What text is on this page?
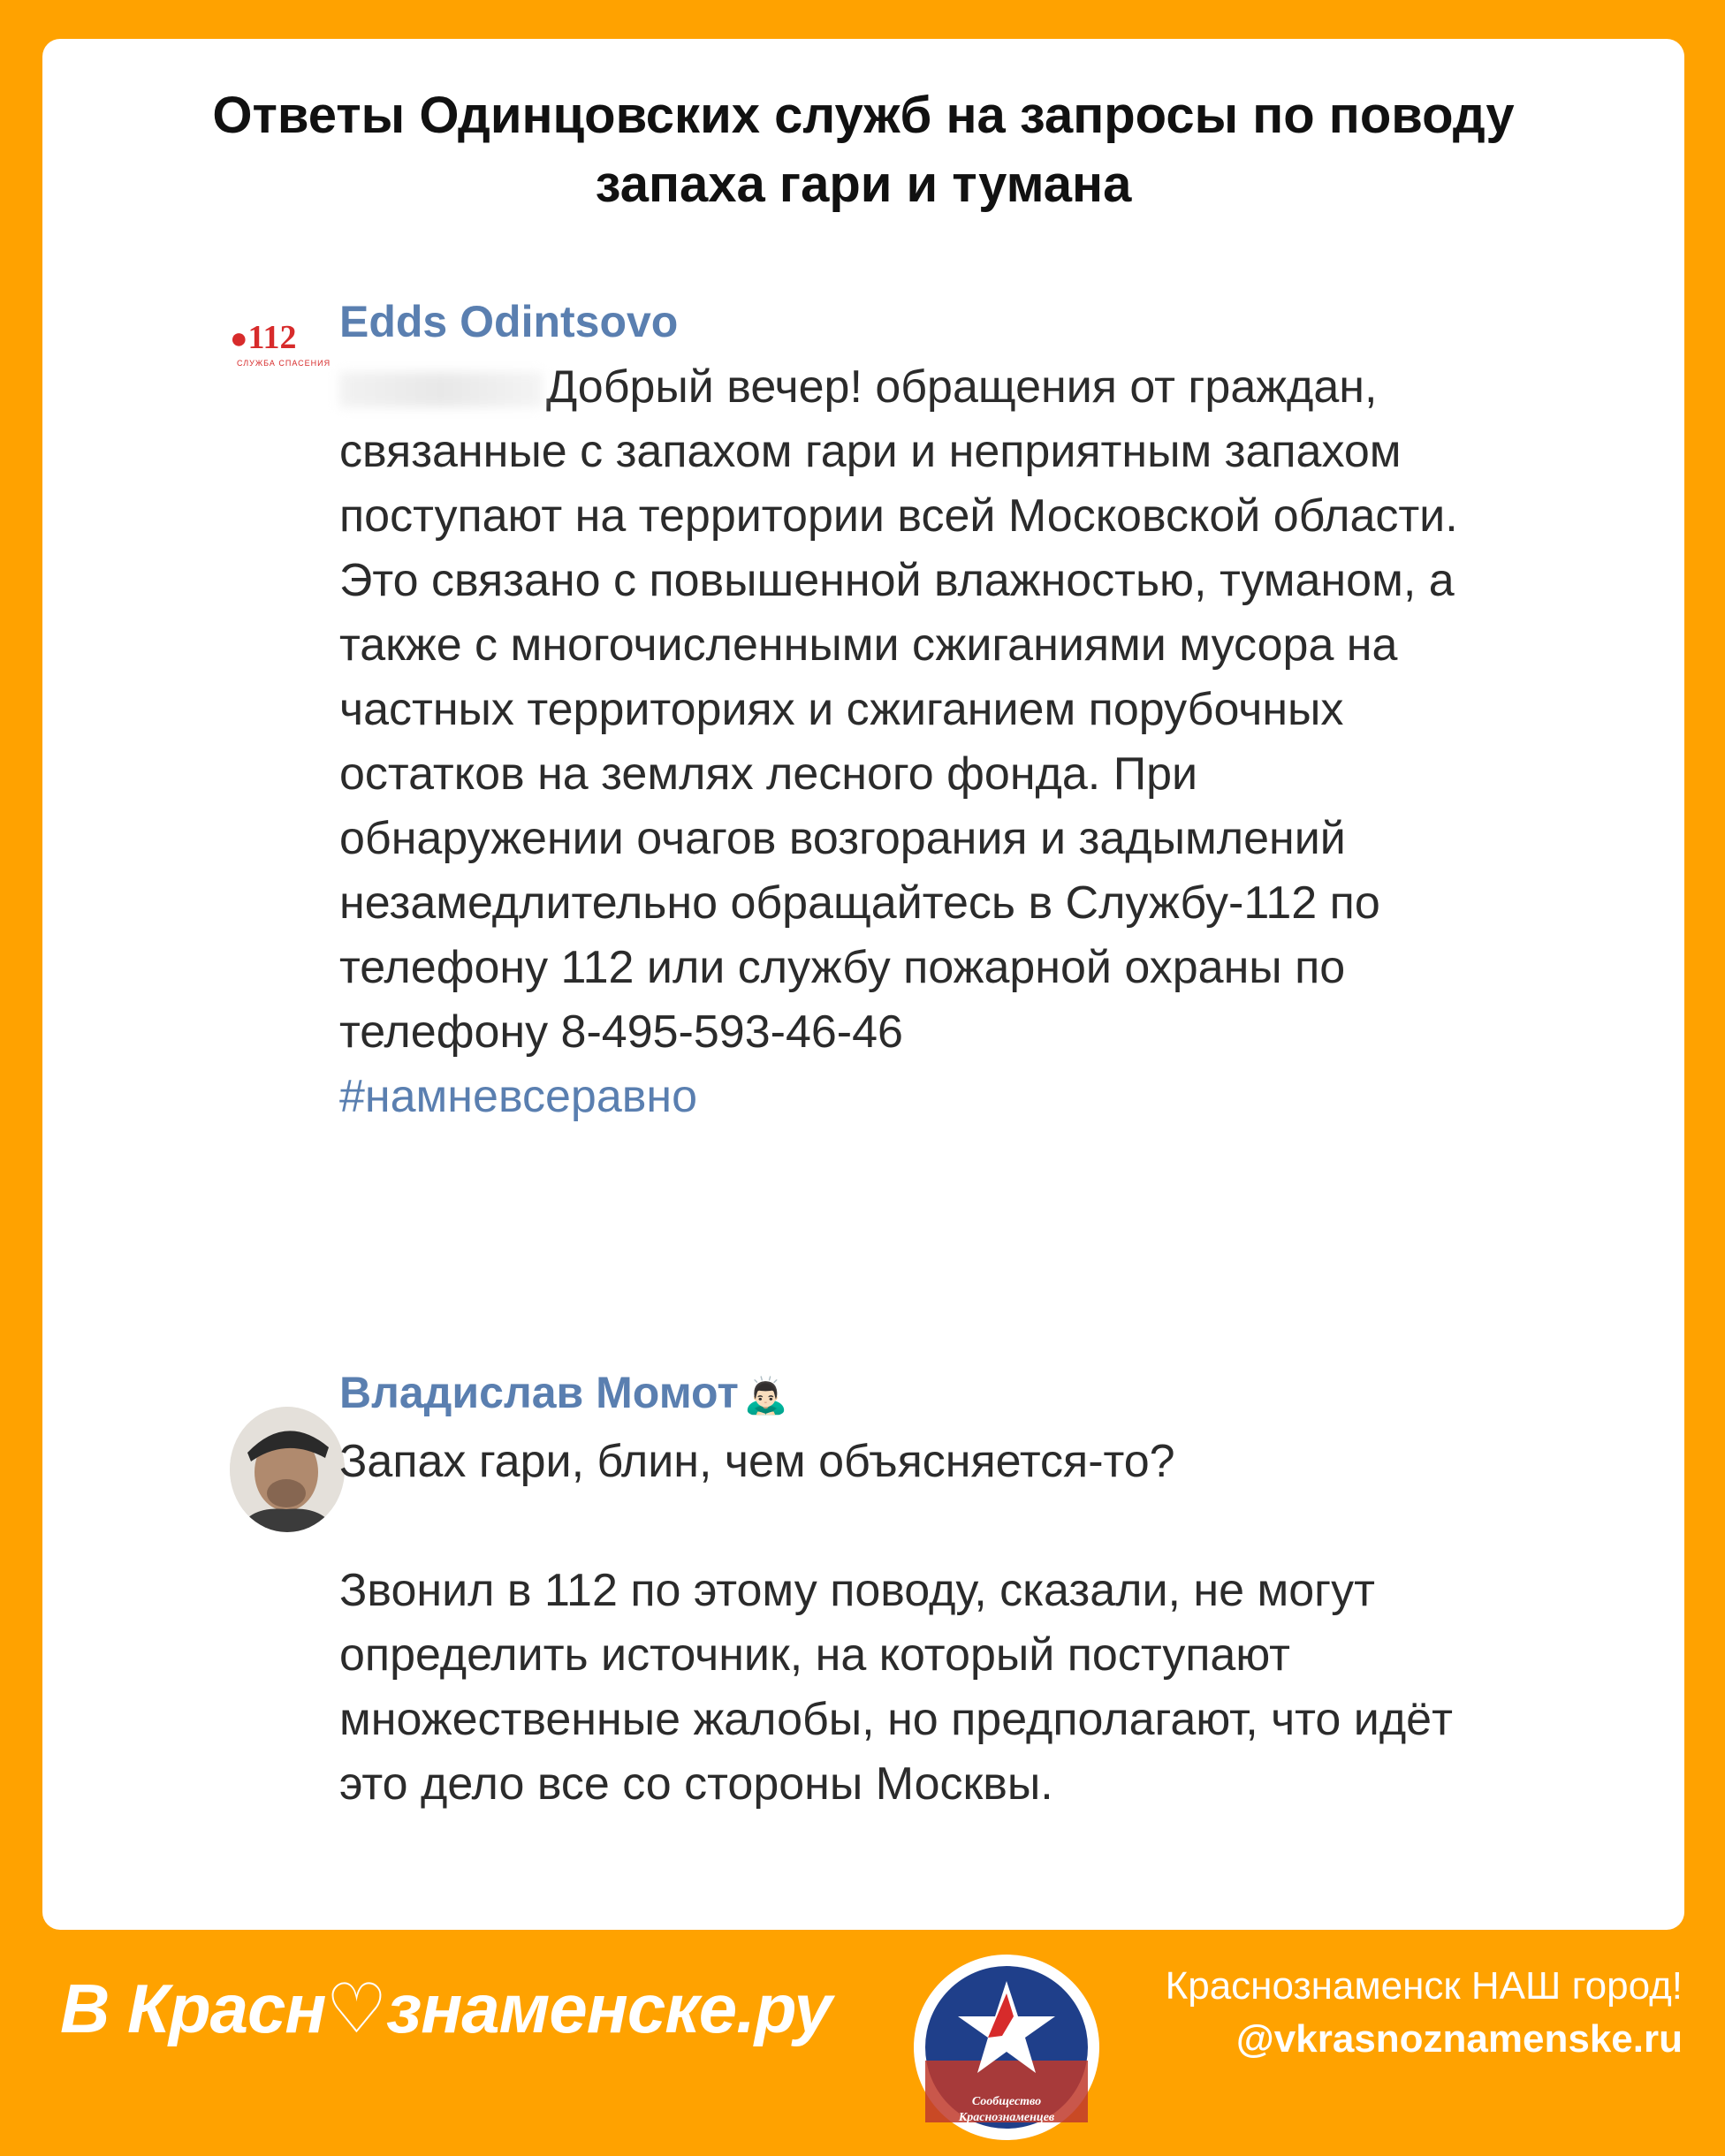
Ответы Одинцовских служб на запросы по поводу запаха гари и тумана
●112
СЛУЖБА СПАСЕНИЯ
Edds Odintsovo
Добрый вечер! обращения от граждан, связанные с запахом гари и неприятным запахом поступают на территории всей Московской области. Это связано с повышенной влажностью, туманом, а также с многочисленными сжиганиями мусора на частных территориях и сжиганием порубочных остатков на землях лесного фонда. При обнаружении очагов возгорания и задымлений незамедлительно обращайтесь в Службу-112 по телефону 112 или службу пожарной охраны по телефону 8-495-593-46-46
#намневсеравно
Владислав Момот 🙇🏻‍♂️
Запах гари, блин, чем объясняется-то?
Звонил в 112 по этому поводу, сказали, не могут определить источник, на который поступают множественные жалобы, но предполагают, что идёт это дело все со стороны Москвы.
В Красн♡знаменске.ру
Сообщество
Краснознаменцев
Краснознаменск НАШ город!
@vkrasnoznamenske.ru
